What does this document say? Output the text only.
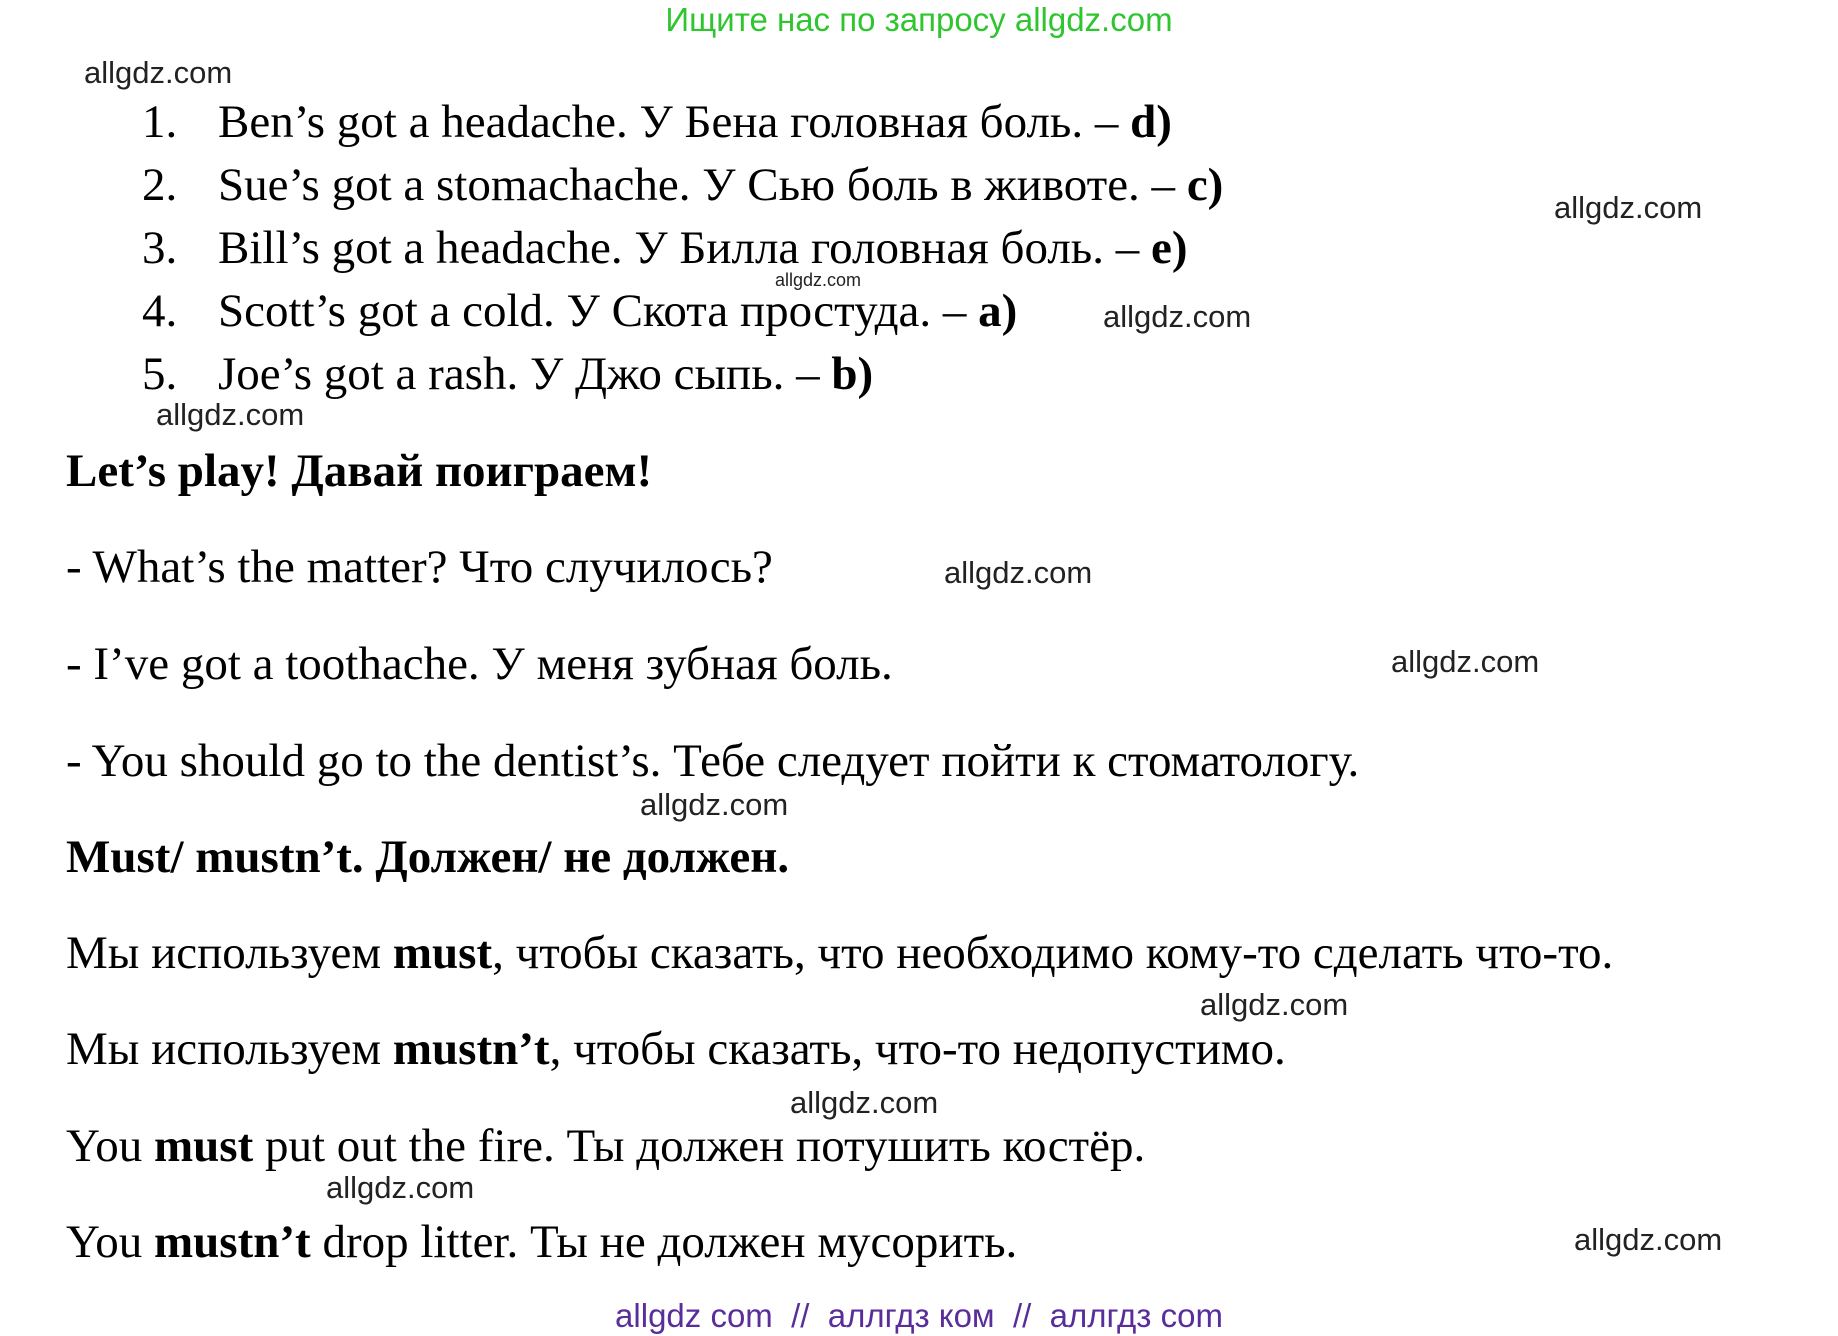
Ищите нас по запросу allgdz.com
allgdz.com
allgdz.com
allgdz.com
allgdz.com
allgdz.com
allgdz.com
allgdz.com
allgdz.com
allgdz.com
allgdz.com
allgdz.com
allgdz.com
1. Ben’s got a headache. У Бена головная боль. – d)
2. Sue’s got a stomachache. У Сью боль в животе. – c)
3. Bill’s got a headache. У Билла головная боль. – e)
4. Scott’s got a cold. У Скота простуда. – a)
5. Joe’s got a rash. У Джо сыпь. – b)
Let’s play! Давай поиграем!
- What’s the matter? Что случилось?
- I’ve got a toothache. У меня зубная боль.
- You should go to the dentist’s. Тебе следует пойти к стоматологу.
Must/ mustn’t. Должен/ не должен.
Мы используем must, чтобы сказать, что необходимо кому-то сделать что-то.
Мы используем mustn’t, чтобы сказать, что-то недопустимо.
You must put out the fire. Ты должен потушить костёр.
You mustn’t drop litter. Ты не должен мусорить.
allgdz com  //  аллгдз ком  //  аллгдз com
